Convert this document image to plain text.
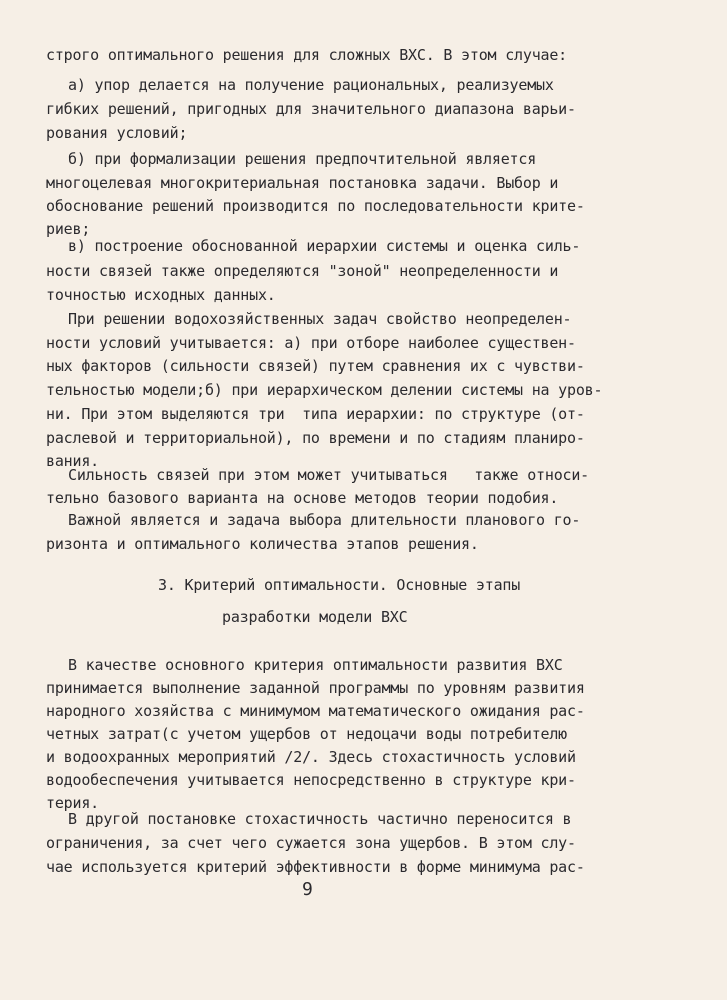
строго оптимального решения для сложных ВХС. В этом случае:
а) упор делается на получение рациональных, реализуемых
гибких решений, пригодных для значительного диапазона варьи-
рования условий;
б) при формализации решения предпочтительной является
многоцелевая многокритериальная постановка задачи. Выбор и
обоснование решений производится по последовательности крите-
риев;
в) построение обоснованной иерархии системы и оценка силь-
ности связей также определяются "зоной" неопределенности и
точностью исходных данных.
При решении водохозяйственных задач свойство неопределен-
ности условий учитывается: а) при отборе наиболее существен-
ных факторов (сильности связей) путем сравнения их с чувстви-
тельностью модели;б) при иерархическом делении системы на уров-
ни. При этом выделяются три  типа иерархии: по структуре (от-
раслевой и территориальной), по времени и по стадиям планиро-
вания.
Сильность связей при этом может учитываться   также относи-
тельно базового варианта на основе методов теории подобия.
Важной является и задача выбора длительности планового го-
ризонта и оптимального количества этапов решения.
3. Критерий оптимальности. Основные этапы
разработки модели ВХС
В качестве основного критерия оптимальности развития ВХС
принимается выполнение заданной программы по уровням развития
народного хозяйства с минимумом математического ожидания рас-
четных затрат(с учетом ущербов от недоцачи воды потребителю
и водоохранных мероприятий /2/. Здесь стохастичность условий
водообеспечения учитывается непосредственно в структуре кри-
терия.
В другой постановке стохастичность частично переносится в
ограничения, за счет чего сужается зона ущербов. В этом слу-
чае используется критерий эффективности в форме минимума рас-
9
